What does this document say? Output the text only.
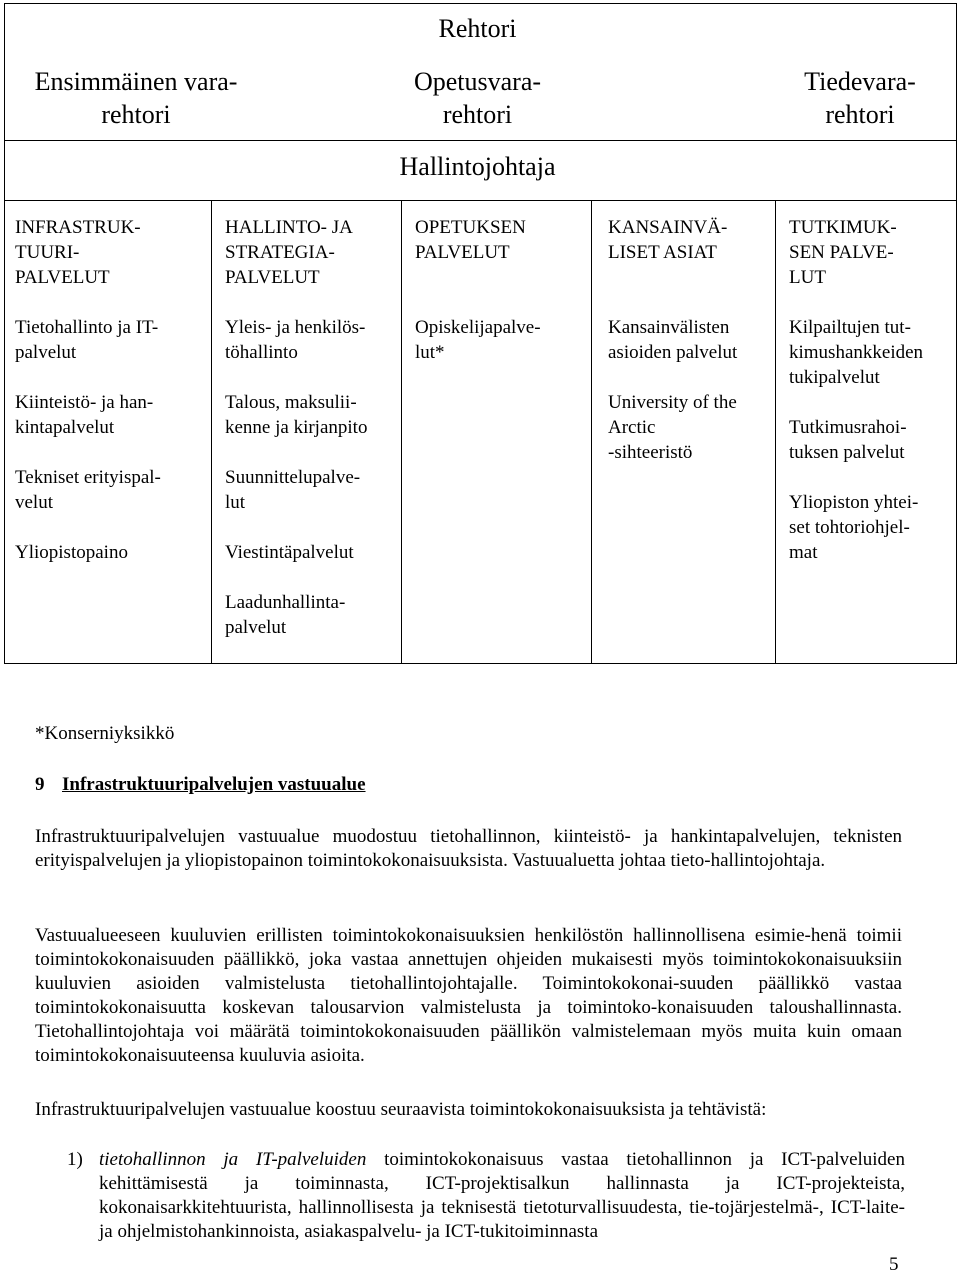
Rehtori
Ensimmäinen vara-
rehtori
Opetusvara-
rehtori
Tiedevara-
rehtori
Hallintojohtaja
INFRASTRUK-
TUURI-
PALVELUT
HALLINTO- JA
STRATEGIA-
PALVELUT
OPETUKSEN
PALVELUT
KANSAINVÄ-
LISET ASIAT
TUTKIMUK-
SEN PALVE-
LUT

Tietohallinto ja IT-
palvelut

Kiinteistö- ja han-
kintapalvelut

Tekniset erityispal-
velut

Yliopistopaino

Yleis- ja henkilös-
töhallinto

Talous, maksulii-
kenne ja kirjanpito

Suunnittelupalve-
lut

Viestintäpalvelut

Laadunhallinta-
palvelut

Opiskelijapalve-
lut*

Kansainvälisten
asioiden palvelut

University of the
Arctic
-sihteeristö

Kilpailtujen tut-
kimushankkeiden
tukipalvelut

Tutkimusrahoi-
tuksen palvelut

Yliopiston yhtei-
set tohtoriohjel-
mat

*Konserniyksikkö
9 Infrastruktuuripalvelujen vastuualue
Infrastruktuuripalvelujen vastuualue muodostuu tietohallinnon, kiinteistö- ja hankintapalvelujen, teknisten erityispalvelujen ja yliopistopainon toimintokokonaisuuksista. Vastuualuetta johtaa tieto-hallintojohtaja.
Vastuualueeseen kuuluvien erillisten toimintokokonaisuuksien henkilöstön hallinnollisena esimie-henä toimii toimintokokonaisuuden päällikkö, joka vastaa annettujen ohjeiden mukaisesti myös toimintokokonaisuuksiin kuuluvien asioiden valmistelusta tietohallintojohtajalle. Toimintokokonai-suuden päällikkö vastaa toimintokokonaisuutta koskevan talousarvion valmistelusta ja toimintoko-konaisuuden taloushallinnasta. Tietohallintojohtaja voi määrätä toimintokokonaisuuden päällikön valmistelemaan myös muita kuin omaan toimintokokonaisuuteensa kuuluvia asioita.
Infrastruktuuripalvelujen vastuualue koostuu seuraavista toimintokokonaisuuksista ja tehtävistä:
1) tietohallinnon ja IT-palveluiden toimintokokonaisuus vastaa tietohallinnon ja ICT-palveluiden kehittämisestä ja toiminnasta, ICT-projektisalkun hallinnasta ja ICT-projekteista, kokonaisarkkitehtuurista, hallinnollisesta ja teknisestä tietoturvallisuudesta, tie-tojärjestelmä-, ICT-laite- ja ohjelmistohankinnoista, asiakaspalvelu- ja ICT-tukitoiminnasta
5
